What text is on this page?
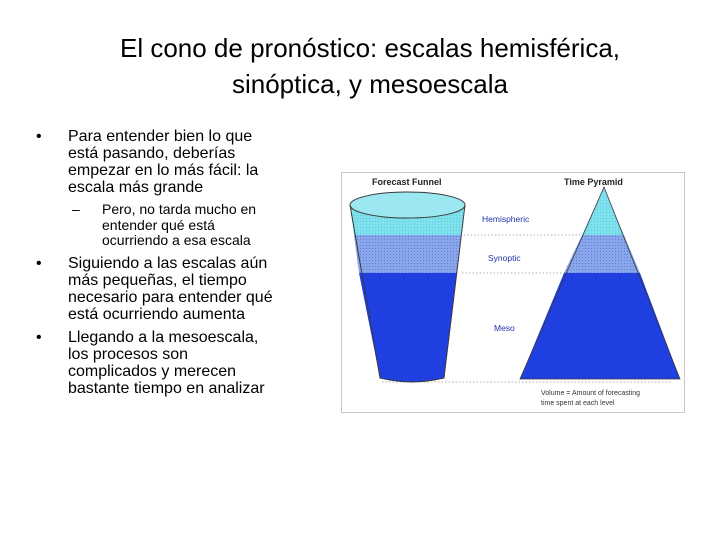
El cono de pronóstico: escalas hemisférica,
sinóptica, y mesoescala
• Para entender bien lo que
está pasando, deberías
empezar en lo más fácil: la
escala más grande
– Pero, no tarda mucho en
entender qué está
ocurriendo a esa escala
• Siguiendo a las escalas aún
más pequeñas, el tiempo
necesario para entender qué
está ocurriendo aumenta
• Llegando a la mesoescala,
los procesos son
complicados y merecen
bastante tiempo en analizar
Forecast Funnel	Time Pyramid
Hemispheric
Synoptic
Meso
Volume = Amount of forecasting
time spent at each level
